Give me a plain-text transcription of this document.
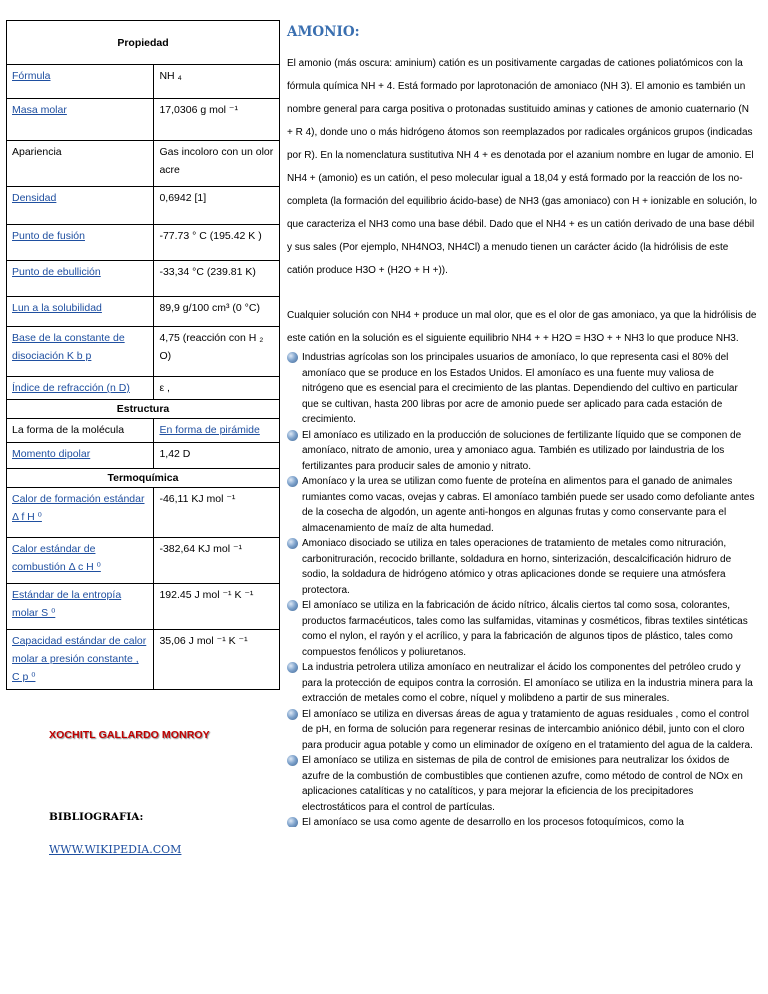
Propiedad	
Fórmula	NH ₄
Masa molar	17,0306 g mol ⁻¹
Apariencia	Gas incoloro con un olor acre
Densidad	0,6942 [1]
Punto de fusión	-77.73 ° C (195.42 K )
Punto de ebullición	-33,34 °C (239.81 K)
Lun a la solubilidad	89,9 g/100 cm³ (0 °C)
Base de la constante de disociación K b p	4,75 (reacción con H ₂ O)
Índice de refracción (n D)	ε ,
Estructura	
La forma de la molécula	En forma de pirámide
Momento dipolar	1,42 D
Termoquímica	
Calor de formación estándar Δ f H ⁰	-46,11 KJ mol ⁻¹
Calor estándar de combustión Δ c H ⁰	-382,64 KJ mol ⁻¹
Estándar de la entropía molar S ⁰	192.45 J mol ⁻¹ K ⁻¹
Capacidad estándar de calor molar a presión constante , C p ⁰	35,06 J mol ⁻¹ K ⁻¹
XOCHITL GALLARDO MONROY
BIBLIOGRAFIA:
WWW.WIKIPEDIA.COM
AMONIO:

El amonio (más oscura: aminium) catión es un positivamente cargadas de cationes poliatómicos con la fórmula química NH + 4. Está formado por laprotonación de amoniaco (NH 3). El amonio es también un nombre general para carga positiva o protonadas sustituido aminas y cationes de amonio cuaternario (N + R 4), donde uno o más hidrógeno átomos son reemplazados por radicales orgánicos grupos (indicadas por R). En la nomenclatura sustitutiva NH 4 + es denotada por el azanium nombre en lugar de amonio. El NH4 + (amonio) es un catión, el peso molecular igual a 18,04 y está formado por la reacción de los no-completa (la formación del equilibrio ácido-base) de NH3 (gas amoniaco) con H + ionizable en solución, lo que caracteriza el NH3 como una base débil. Dado que el NH4 + es un catión derivado de una base débil y sus sales (Por ejemplo, NH4NO3, NH4Cl) a menudo tienen un carácter ácido (la hidrólisis de este catión produce H3O + (H2O + H +)).

Cualquier solución con NH4 + produce un mal olor, que es el olor de gas amoniaco, ya que la hidrólisis de este catión en la solución es el siguiente equilibrio NH4 + + H2O = H3O + + NH3 lo que produce NH3.

Industrias agrícolas son los principales usuarios de amoníaco, lo que representa casi el 80% del amoníaco que se produce en los Estados Unidos. El amoníaco es una fuente muy valiosa de nitrógeno que es esencial para el crecimiento de las plantas. Dependiendo del cultivo en particular que se cultivan, hasta 200 libras por acre de amonio puede ser aplicado para cada estación de crecimiento.
El amoníaco es utilizado en la producción de soluciones de fertilizante líquido que se componen de amoníaco, nitrato de amonio, urea y amoniaco agua. También es utilizado por laindustria de los fertilizantes para producir sales de amonio y nitrato.
Amoníaco y la urea se utilizan como fuente de proteína en alimentos para el ganado de animales rumiantes como vacas, ovejas y cabras. El amoníaco también puede ser usado como defoliante antes de la cosecha de algodón, un agente anti-hongos en algunas frutas y como conservante para el almacenamiento de maíz de alta humedad.
Amoniaco disociado se utiliza en tales operaciones de tratamiento de metales como nitruración, carbonitruración, recocido brillante, soldadura en horno, sinterización, descalcificación hidruro de sodio, la soldadura de hidrógeno atómico y otras aplicaciones donde se requiere una atmósfera protectora.
El amoníaco se utiliza en la fabricación de ácido nítrico, álcalis ciertos tal como sosa, colorantes, productos farmacéuticos, tales como las sulfamidas, vitaminas y cosméticos, fibras textiles sintéticas como el nylon, el rayón y el acrílico, y para la fabricación de algunos tipos de plástico, tales como compuestos fenólicos y poliuretanos.
La industria petrolera utiliza amoníaco en neutralizar el ácido los componentes del petróleo crudo y para la protección de equipos contra la corrosión. El amoníaco se utiliza en la industria minera para la extracción de metales como el cobre, níquel y molibdeno a partir de sus minerales.
El amoníaco se utiliza en diversas áreas de agua y tratamiento de aguas residuales , como el control de pH, en forma de solución para regenerar resinas de intercambio aniónico débil, junto con el cloro para producir agua potable y como un eliminador de oxígeno en el tratamiento del agua de la caldera.
El amoníaco se utiliza en sistemas de pila de control de emisiones para neutralizar los óxidos de azufre de la combustión de combustibles que contienen azufre, como método de control de NOx en aplicaciones catalíticas y no catalíticos, y para mejorar la eficiencia de los precipitadores electrostáticos para el control de partículas.
El amoníaco se usa como agente de desarrollo en los procesos fotoquímicos, como la
